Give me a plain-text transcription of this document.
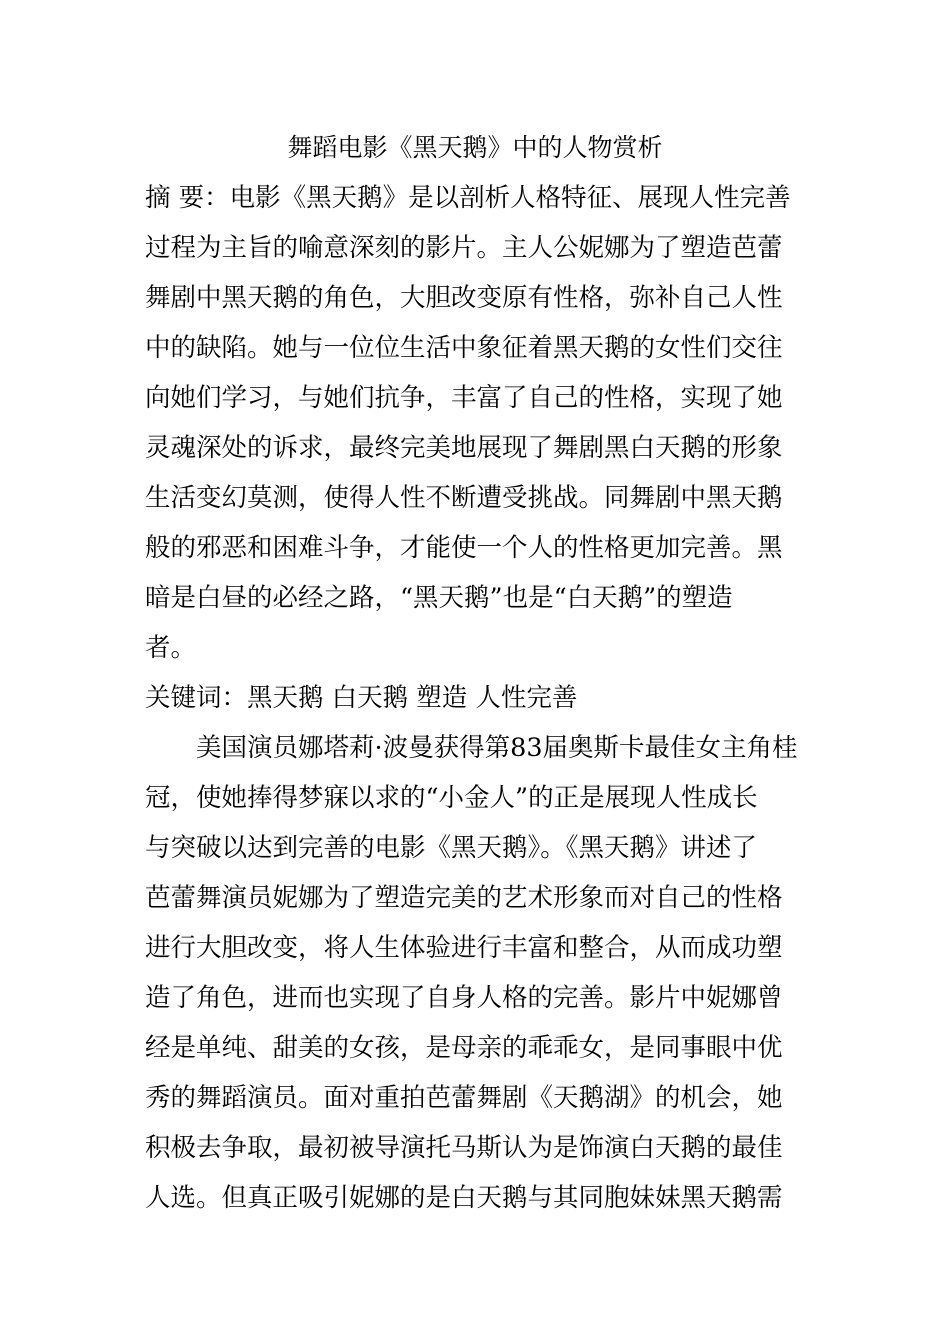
舞蹈电影《黑天鹅》中的人物赏析
摘 要：电影《黑天鹅》是以剖析人格特征、展现人性完善
过程为主旨的喻意深刻的影片。主人公妮娜为了塑造芭蕾
舞剧中黑天鹅的角色，大胆改变原有性格，弥补自己人性
中的缺陷。她与一位位生活中象征着黑天鹅的女性们交往
向她们学习，与她们抗争，丰富了自己的性格，实现了她
灵魂深处的诉求，最终完美地展现了舞剧黑白天鹅的形象
生活变幻莫测，使得人性不断遭受挑战。同舞剧中黑天鹅
般的邪恶和困难斗争，才能使一个人的性格更加完善。黑
暗是白昼的必经之路，“黑天鹅”也是“白天鹅”的塑造
者。
关键词：黑天鹅 白天鹅 塑造 人性完善
美国演员娜塔莉·波曼获得第83届奥斯卡最佳女主角桂
冠，使她捧得梦寐以求的“小金人”的正是展现人性成长
与突破以达到完善的电影《黑天鹅》。《黑天鹅》讲述了
芭蕾舞演员妮娜为了塑造完美的艺术形象而对自己的性格
进行大胆改变，将人生体验进行丰富和整合，从而成功塑
造了角色，进而也实现了自身人格的完善。影片中妮娜曾
经是单纯、甜美的女孩，是母亲的乖乖女，是同事眼中优
秀的舞蹈演员。面对重拍芭蕾舞剧《天鹅湖》的机会，她
积极去争取，最初被导演托马斯认为是饰演白天鹅的最佳
人选。但真正吸引妮娜的是白天鹅与其同胞妹妹黑天鹅需
